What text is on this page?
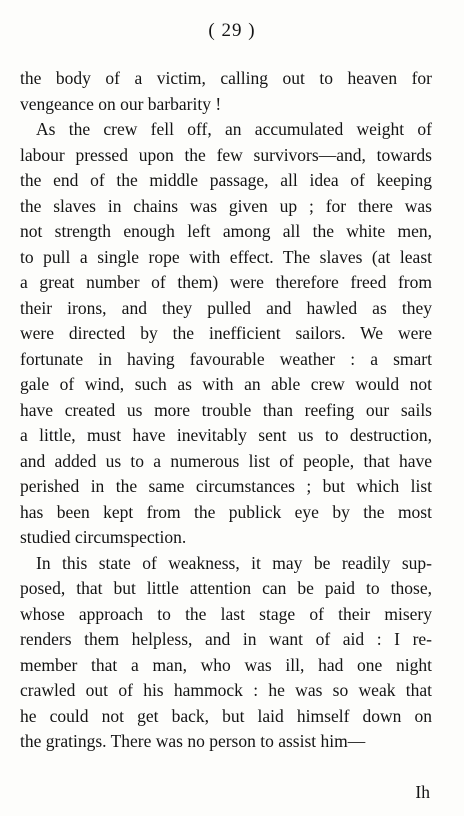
( 29 )
the body of a victim, calling out to heaven for
vengeance on our barbarity !
As the crew fell off, an accumulated weight of
labour pressed upon the few survivors—and, towards
the end of the middle passage, all idea of keeping
the slaves in chains was given up ; for there was
not strength enough left among all the white men,
to pull a single rope with effect. The slaves (at least
a great number of them) were therefore freed from
their irons, and they pulled and hawled as they
were directed by the inefficient sailors. We were
fortunate in having favourable weather : a smart
gale of wind, such as with an able crew would not
have created us more trouble than reefing our sails
a little, must have inevitably sent us to destruction,
and added us to a numerous list of people, that have
perished in the same circumstances ; but which list
has been kept from the publick eye by the most
studied circumspection.
In this state of weakness, it may be readily sup-
posed, that but little attention can be paid to those,
whose approach to the last stage of their misery
renders them helpless, and in want of aid : I re-
member that a man, who was ill, had one night
crawled out of his hammock : he was so weak that
he could not get back, but laid himself down on
the gratings. There was no person to assist him—
Ih
